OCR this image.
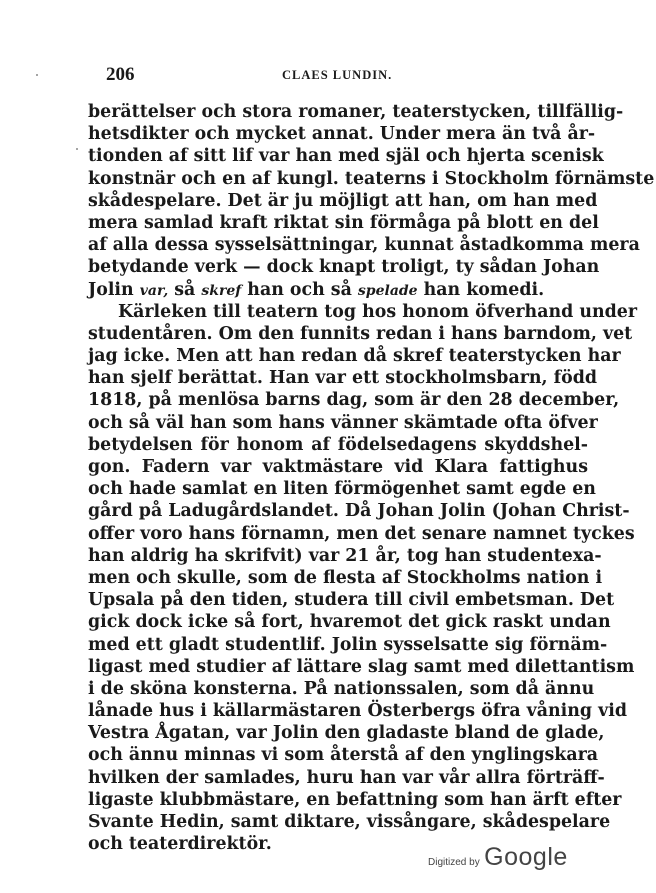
206	CLAES LUNDIN.
berättelser och stora romaner, teaterstycken, tillfällig-
hetsdikter och mycket annat. Under mera än två år-
tionden af sitt lif var han med själ och hjerta scenisk
konstnär och en af kungl. teaterns i Stockholm förnämste
skådespelare. Det är ju möjligt att han, om han med
mera samlad kraft riktat sin förmåga på blott en del
af alla dessa sysselsättningar, kunnat åstadkomma mera
betydande verk — dock knapt troligt, ty sådan Johan
Jolin var, så skref han och så spelade han komedi.
Kärleken till teatern tog hos honom öfverhand under
studentåren. Om den funnits redan i hans barndom, vet
jag icke. Men att han redan då skref teaterstycken har
han sjelf berättat. Han var ett stockholmsbarn, född
1818, på menlösa barns dag, som är den 28 december,
och så väl han som hans vänner skämtade ofta öfver
betydelsen för honom af födelsedagens skyddshel-
gon. Fadern var vaktmästare vid Klara fattighus
och hade samlat en liten förmögenhet samt egde en
gård på Ladugårdslandet. Då Johan Jolin (Johan Christ-
offer voro hans förnamn, men det senare namnet tyckes
han aldrig ha skrifvit) var 21 år, tog han studentexa-
men och skulle, som de flesta af Stockholms nation i
Upsala på den tiden, studera till civil embetsman. Det
gick dock icke så fort, hvaremot det gick raskt undan
med ett gladt studentlif. Jolin sysselsatte sig förnäm-
ligast med studier af lättare slag samt med dilettantism
i de sköna konsterna. På nationssalen, som då ännu
lånade hus i källarmästaren Österbergs öfra våning vid
Vestra Ågatan, var Jolin den gladaste bland de glade,
och ännu minnas vi som återstå af den ynglingskara
hvilken der samlades, huru han var vår allra förträff-
ligaste klubbmästare, en befattning som han ärft efter
Svante Hedin, samt diktare, vissångare, skådespelare
och teaterdirektör.
Digitized by Google
